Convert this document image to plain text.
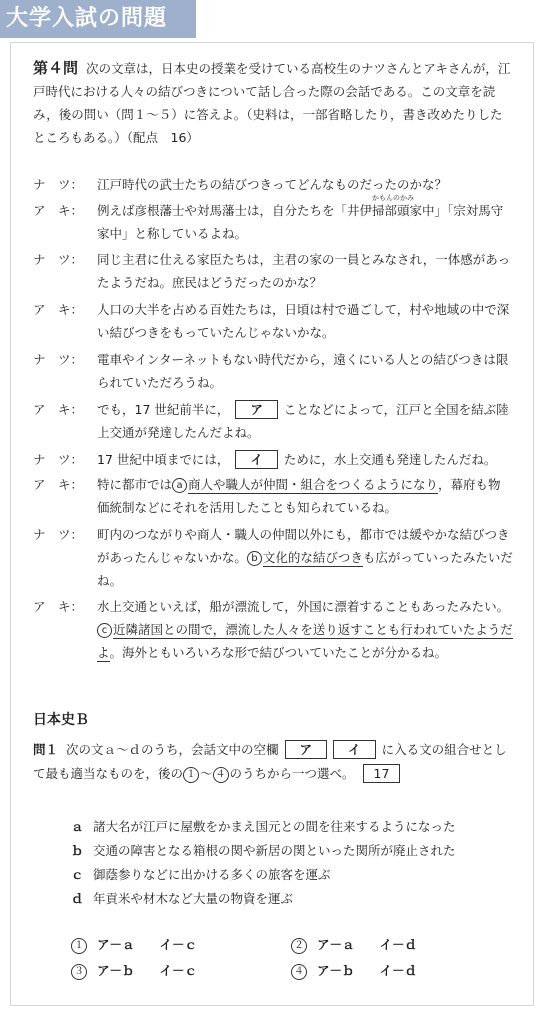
大学入試の問題
第４問 次の文章は，日本史の授業を受けている高校生のナツさんとアキさんが，江戸時代における人々の結びつきについて話し合った際の会話である。この文章を読み，後の問い（問１～５）に答えよ。（史料は，一部省略したり，書き改めたりしたところもある。）（配点　16）
ナ　ツ：	江戸時代の武士たちの結びつきってどんなものだったのかな？
ア　キ：	例えば彦根藩士や対馬藩士は，自分たちを「井伊
かもんのかみ
掃部頭家中」「宗対馬守家中」と称しているよね。
ナ　ツ：	同じ主君に仕える家臣たちは，主君の家の一員とみなされ，一体感があったようだね。庶民はどうだったのかな？
ア　キ：	人口の大半を占める百姓たちは，日頃は村で過ごして，村や地域の中で深い結びつきをもっていたんじゃないかな。
ナ　ツ：	電車やインターネットもない時代だから，遠くにいる人との結びつきは限られていただろうね。
ア　キ：	でも，17 世紀前半に， ア ことなどによって，江戸と全国を結ぶ陸上交通が発達したんだよね。
ナ　ツ：	17 世紀中頃までには， イ ために，水上交通も発達したんだね。
ア　キ：	特に都市では a 商人や職人が仲間・組合をつくるようになり，幕府も物価統制などにそれを活用したことも知られているね。
ナ　ツ：	町内のつながりや商人・職人の仲間以外にも，都市では緩やかな結びつきがあったんじゃないかな。 b 文化的な結びつきも広がっていったみたいだね。
ア　キ：	水上交通といえば，船が漂流して，外国に漂着することもあったみたい。c 近隣諸国との間で，漂流した人々を送り返すことも行われていたようだよ。海外ともいろいろな形で結びついていたことが分かるね。
日本史Ｂ
問１ 次の文ａ～ｄのうち，会話文中の空欄 ア	イ に入る文の組合せとして最も適当なものを，後の １ ～ ４ のうちから一つ選べ。 17
ａ 諸大名が江戸に屋敷をかまえ国元との間を往来するようになった
ｂ 交通の障害となる箱根の関や新居の関といった関所が廃止された
ｃ 御蔭参りなどに出かける多くの旅客を運ぶ
ｄ 年貢米や材木など大量の物資を運ぶ
１ ア－ａ　　イ－ｃ	２ ア－ａ　　イ－ｄ
３ ア－ｂ　　イ－ｃ	４ ア－ｂ　　イ－ｄ
